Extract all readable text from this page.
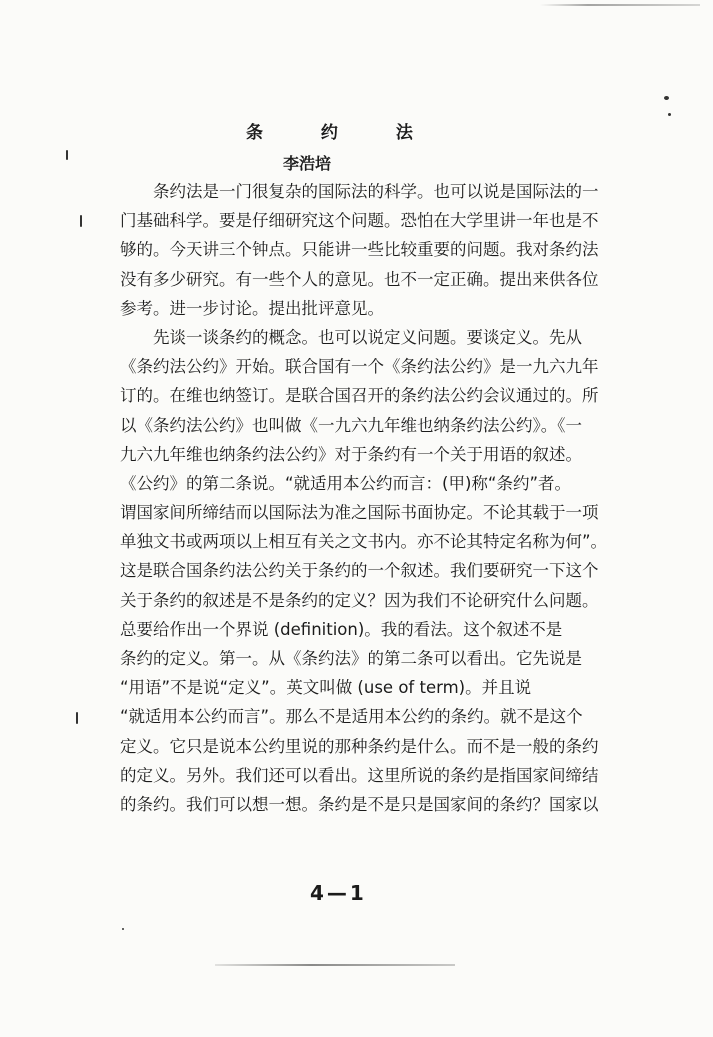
条 约 法
李浩培
　　条约法是一门很复杂的国际法的科学。也可以说是国际法的一
门基础科学。要是仔细研究这个问题。恐怕在大学里讲一年也是不
够的。今天讲三个钟点。只能讲一些比较重要的问题。我对条约法
没有多少研究。有一些个人的意见。也不一定正确。提出来供各位
参考。进一步讨论。提出批评意见。
　　先谈一谈条约的概念。也可以说定义问题。要谈定义。先从
《条约法公约》开始。联合国有一个《条约法公约》是一九六九年
订的。在维也纳签订。是联合国召开的条约法公约会议通过的。所
以《条约法公约》也叫做《一九六九年维也纳条约法公约》。《一
九六九年维也纳条约法公约》对于条约有一个关于用语的叙述。
《公约》的第二条说。“就适用本公约而言：(甲)称“条约”者。
谓国家间所缔结而以国际法为准之国际书面协定。不论其载于一项
单独文书或两项以上相互有关之文书内。亦不论其特定名称为何”。
这是联合国条约法公约关于条约的一个叙述。我们要研究一下这个
关于条约的叙述是不是条约的定义？因为我们不论研究什么问题。
总要给作出一个界说 (definition)。我的看法。这个叙述不是
条约的定义。第一。从《条约法》的第二条可以看出。它先说是
“用语”不是说“定义”。英文叫做 (use of term)。并且说
“就适用本公约而言”。那么不是适用本公约的条约。就不是这个
定义。它只是说本公约里说的那种条约是什么。而不是一般的条约
的定义。另外。我们还可以看出。这里所说的条约是指国家间缔结
的条约。我们可以想一想。条约是不是只是国家间的条约？国家以
4—1
